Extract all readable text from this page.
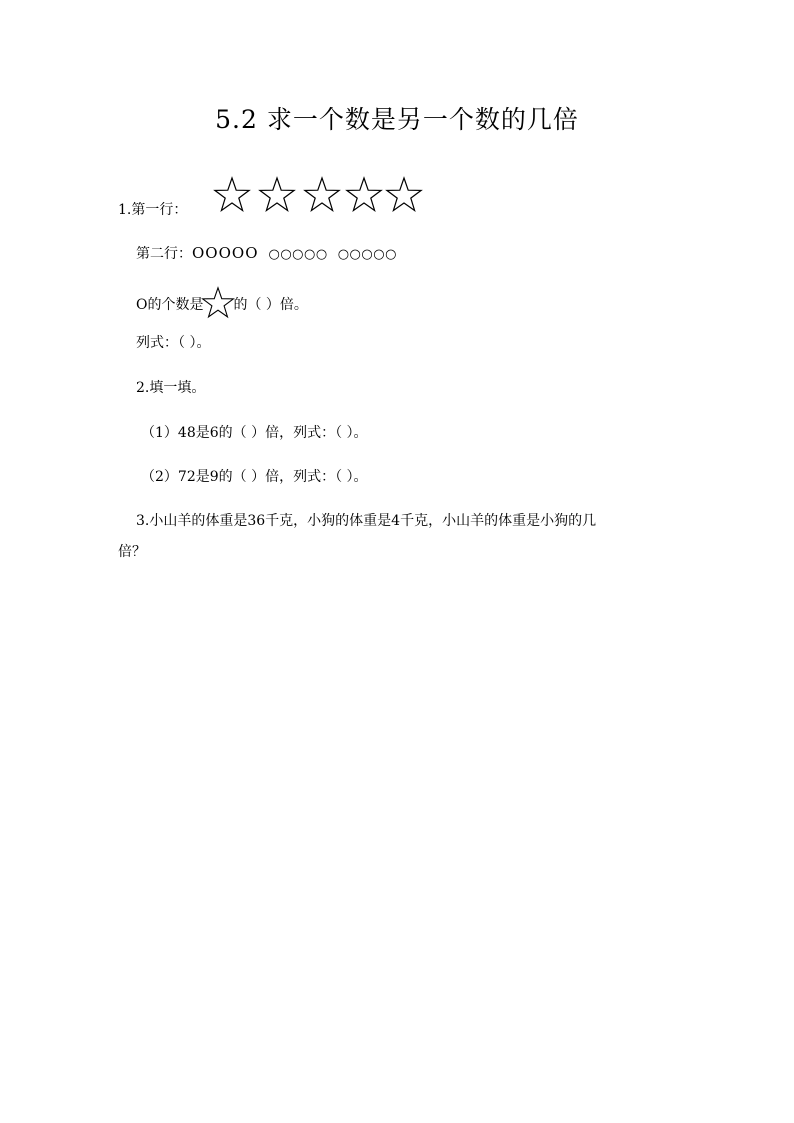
5.2 求一个数是另一个数的几倍
1.第一行：
第二行：OOOOO ○○○○○ ○○○○○
O的个数是 的（ ）倍。
列式：（ ）。
2.填一填。
（1）48是6的（ ）倍，列式：（ ）。
（2）72是9的（ ）倍，列式：（ ）。
3.小山羊的体重是36千克，小狗的体重是4千克，小山羊的体重是小狗的几
倍？
